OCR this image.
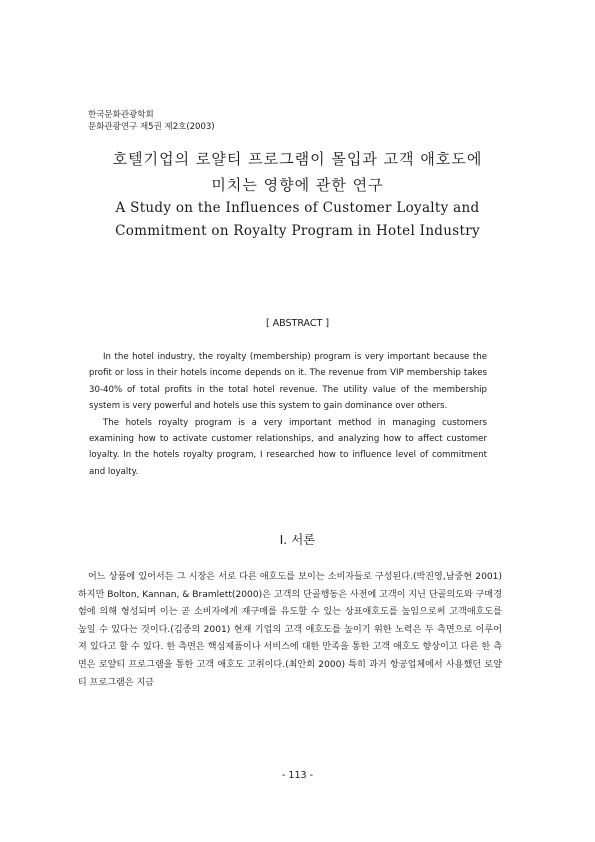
한국문화관광학회
문화관광연구 제5권 제2호(2003)
호텔기업의 로얄티 프로그램이 몰입과 고객 애호도에
미치는 영향에 관한 연구
A Study on the Influences of Customer Loyalty and
Commitment on Royalty Program in Hotel Industry
[ ABSTRACT ]

In the hotel industry, the royalty (membership) program is very important because the profit or loss in their hotels income depends on it. The revenue from VIP membership takes 30-40% of total profits in the total hotel revenue. The utility value of the membership system is very powerful and hotels use this system to gain dominance over others.

The hotels royalty program is a very important method in managing customers examining how to activate customer relationships, and analyzing how to affect customer loyalty. In the hotels royalty program, I researched how to influence level of commitment and loyalty.

Ⅰ. 서론

어느 상품에 있어서든 그 시장은 서로 다른 애호도를 보이는 소비자들로 구성된다.(박진영,남중현 2001) 하지만 Bolton, Kannan, & Bramlett(2000)은 고객의 단골행동은 사전에 고객이 지닌 단골의도와 구매경험에 의해 형성되며 이는 곧 소비자에게 재구매를 유도할 수 있는 상표애호도를 높임으로써 고객애호도를 높일 수 있다는 것이다.(김종의 2001) 현재 기업의 고객 애호도를 높이기 위한 노력은 두 측면으로 이루어져 있다고 할 수 있다. 한 측면은 핵심제품이나 서비스에 대한 만족을 통한 고객 애호도 향상이고 다른 한 측면은 로얄티 프로그램을 통한 고객 애호도 고취이다.(최안희 2000) 특히 과거 항공업체에서 사용했던 로얄티 프로그램은 지금

- 113 -
